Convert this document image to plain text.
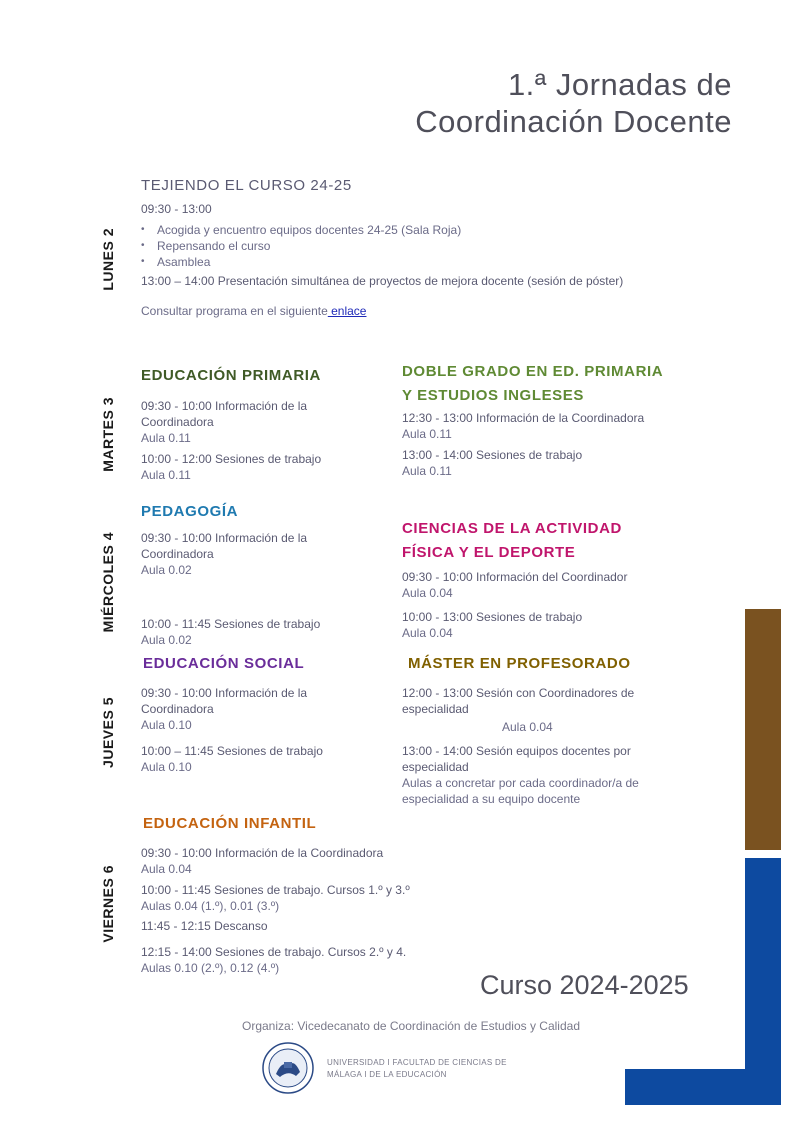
1.ª Jornadas de
Coordinación Docente
LUNES 2
MARTES 3
MIÉRCOLES 4
JUEVES 5
VIERNES 6
TEJIENDO EL CURSO 24-25
09:30 - 13:00
• Acogida y encuentro equipos docentes 24-25 (Sala Roja)
• Repensando el curso
• Asamblea
13:00 – 14:00 Presentación simultánea de proyectos de mejora docente (sesión de póster)
Consultar programa en el siguiente enlace
EDUCACIÓN PRIMARIA
09:30 - 10:00 Información de la Coordinadora
Aula 0.11
10:00 - 12:00 Sesiones de trabajo
Aula 0.11
DOBLE GRADO EN ED. PRIMARIA
Y ESTUDIOS INGLESES
12:30 - 13:00 Información de la Coordinadora
Aula 0.11
13:00 - 14:00 Sesiones de trabajo
Aula 0.11
PEDAGOGÍA
09:30 - 10:00 Información de la Coordinadora
Aula 0.02
10:00 - 11:45 Sesiones de trabajo
Aula 0.02
CIENCIAS DE LA ACTIVIDAD
FÍSICA Y EL DEPORTE
09:30 - 10:00 Información del Coordinador
Aula 0.04
10:00 - 13:00 Sesiones de trabajo
Aula 0.04
EDUCACIÓN SOCIAL
09:30 - 10:00 Información de la Coordinadora
Aula 0.10
10:00 – 11:45 Sesiones de trabajo
Aula 0.10
MÁSTER EN PROFESORADO
12:00 - 13:00 Sesión con Coordinadores de especialidad
Aula 0.04
13:00 - 14:00 Sesión equipos docentes por especialidad
Aulas a concretar por cada coordinador/a de especialidad a su equipo docente
EDUCACIÓN INFANTIL
09:30 - 10:00 Información de la Coordinadora
Aula 0.04
10:00 - 11:45 Sesiones de trabajo. Cursos 1.º y 3.º
Aulas 0.04 (1.º), 0.01 (3.º)
11:45 - 12:15 Descanso
12:15 - 14:00 Sesiones de trabajo. Cursos 2.º y 4.
Aulas 0.10 (2.º), 0.12 (4.º)
Curso 2024-2025
Organiza: Vicedecanato de Coordinación de Estudios y Calidad
UNIVERSIDAD I FACULTAD DE CIENCIAS DE
MÁLAGA I DE LA EDUCACIÓN
